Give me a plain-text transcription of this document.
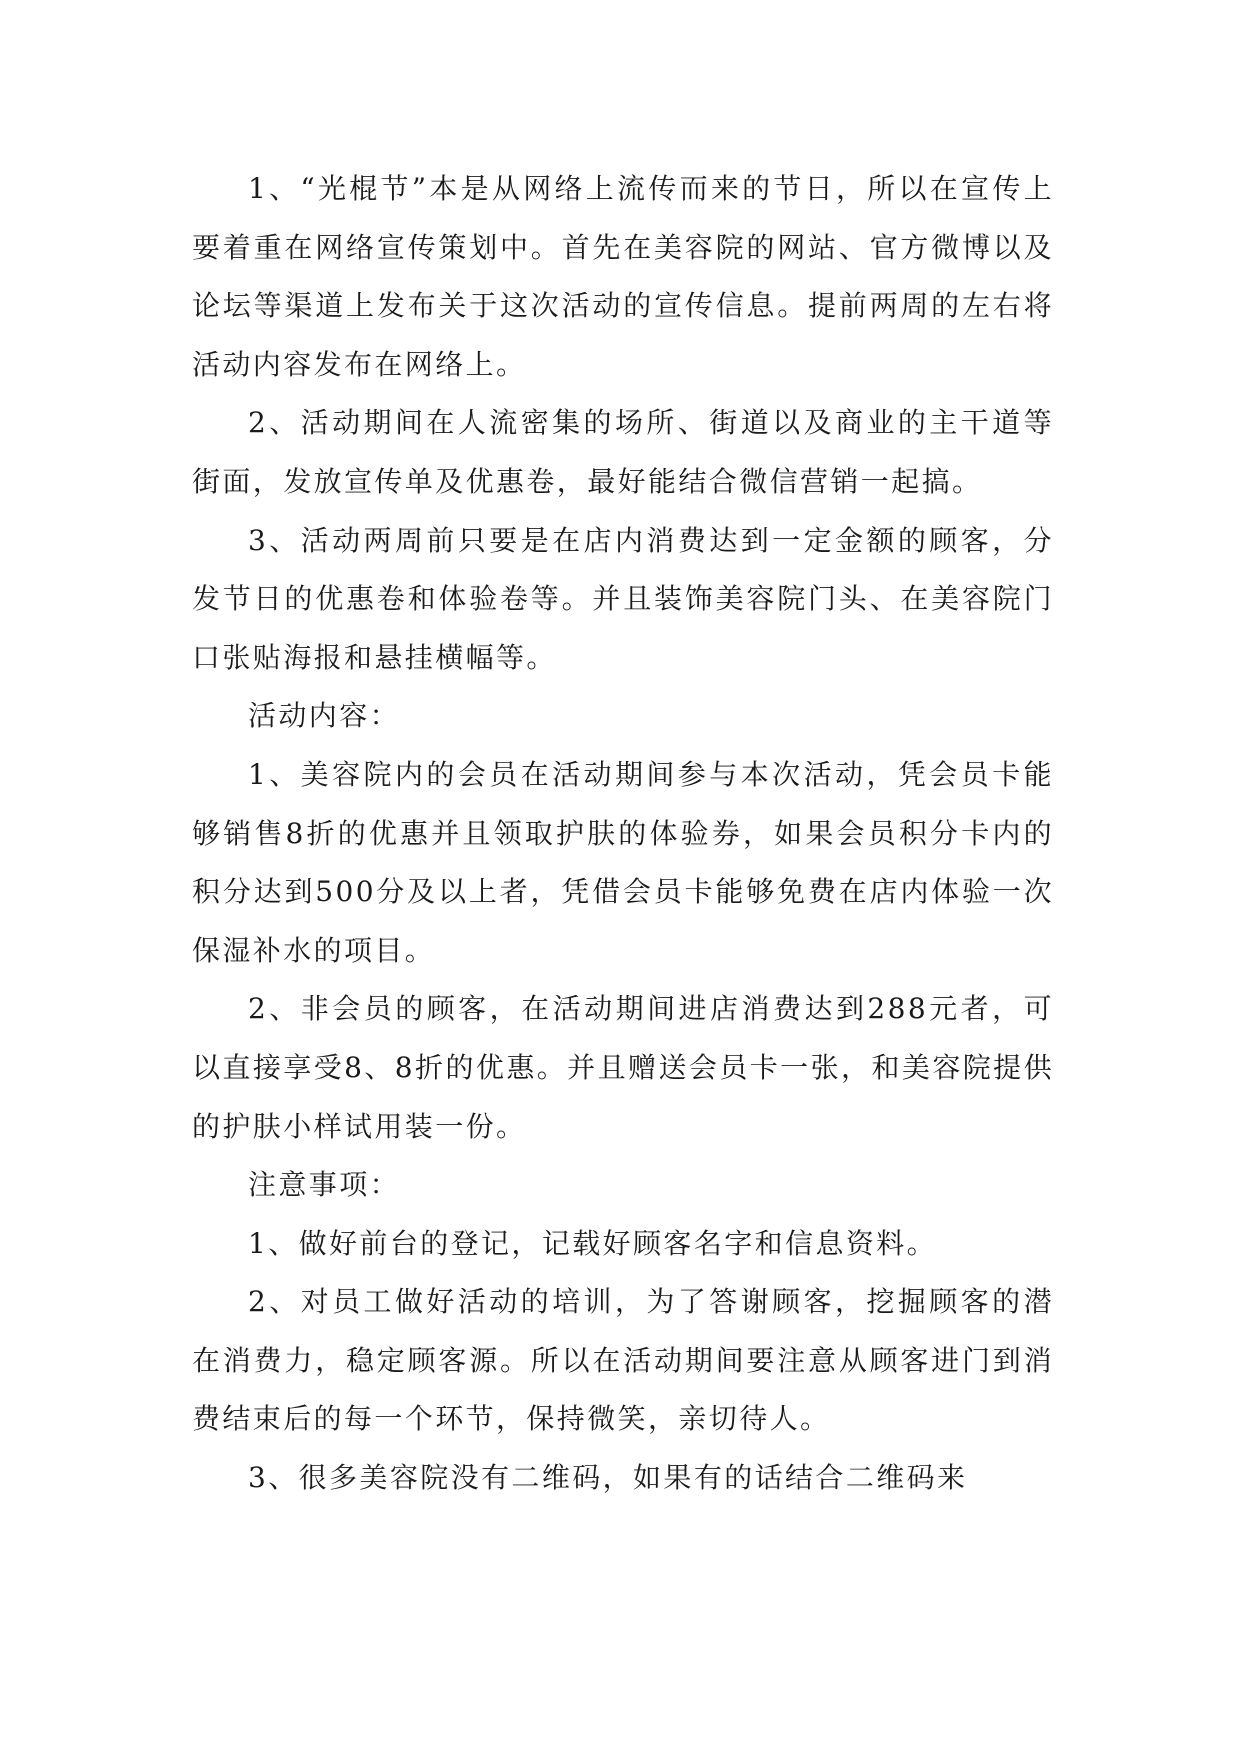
1、“光棍节”本是从网络上流传而来的节日，所以在宣传上要着重在网络宣传策划中。首先在美容院的网站、官方微博以及论坛等渠道上发布关于这次活动的宣传信息。提前两周的左右将活动内容发布在网络上。

2、活动期间在人流密集的场所、街道以及商业的主干道等街面，发放宣传单及优惠卷，最好能结合微信营销一起搞。

3、活动两周前只要是在店内消费达到一定金额的顾客，分发节日的优惠卷和体验卷等。并且装饰美容院门头、在美容院门口张贴海报和悬挂横幅等。

活动内容：

1、美容院内的会员在活动期间参与本次活动，凭会员卡能够销售8折的优惠并且领取护肤的体验券，如果会员积分卡内的积分达到500分及以上者，凭借会员卡能够免费在店内体验一次保湿补水的项目。

2、非会员的顾客，在活动期间进店消费达到288元者，可以直接享受8、8折的优惠。并且赠送会员卡一张，和美容院提供的护肤小样试用装一份。

注意事项：

1、做好前台的登记，记载好顾客名字和信息资料。

2、对员工做好活动的培训，为了答谢顾客，挖掘顾客的潜在消费力，稳定顾客源。所以在活动期间要注意从顾客进门到消费结束后的每一个环节，保持微笑，亲切待人。

3、很多美容院没有二维码，如果有的话结合二维码来
